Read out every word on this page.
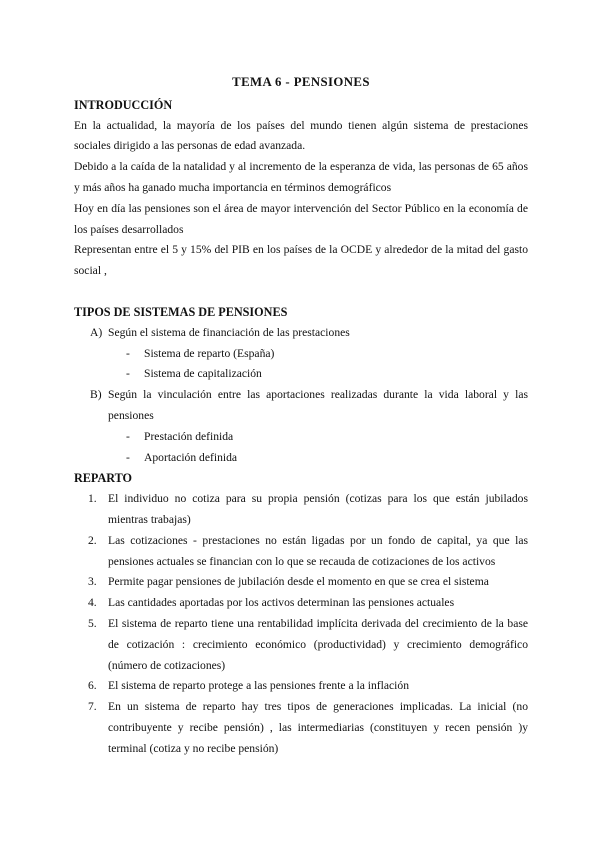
TEMA 6 - PENSIONES
INTRODUCCIÓN

En la actualidad, la mayoría de los países del mundo tienen algún sistema de prestaciones sociales dirigido a las personas de edad avanzada.

Debido a la caída de la natalidad y al incremento de la esperanza de vida, las personas de 65 años y más años ha ganado mucha importancia en términos demográficos

Hoy en día las pensiones son el área de mayor intervención del Sector Público en la economía de los países desarrollados

Representan entre el 5 y 15% del PIB en los países de la OCDE y alrededor de la mitad del gasto social ,

TIPOS DE SISTEMAS DE PENSIONES
A) Según el sistema de financiación de las prestaciones
-	Sistema de reparto (España)
-	Sistema de capitalización
B) Según la vinculación entre las aportaciones realizadas durante la vida laboral y las pensiones
-	Prestación definida
-	Aportación definida
REPARTO
1. El individuo no cotiza para su propia pensión (cotizas para los que están jubilados mientras trabajas)
2. Las cotizaciones - prestaciones no están ligadas por un fondo de capital, ya que las pensiones actuales se financian con lo que se recauda de cotizaciones de los activos
3. Permite pagar pensiones de jubilación desde el momento en que se crea el sistema
4. Las cantidades aportadas por los activos determinan las pensiones actuales
5. El sistema de reparto tiene una rentabilidad implícita derivada del crecimiento de la base de cotización : crecimiento económico (productividad) y crecimiento demográfico (número de cotizaciones)
6. El sistema de reparto protege a las pensiones frente a la inflación
7. En un sistema de reparto hay tres tipos de generaciones implicadas. La inicial (no contribuyente y recibe pensión) , las intermediarias (constituyen y recen pensión )y terminal (cotiza y no recibe pensión)
